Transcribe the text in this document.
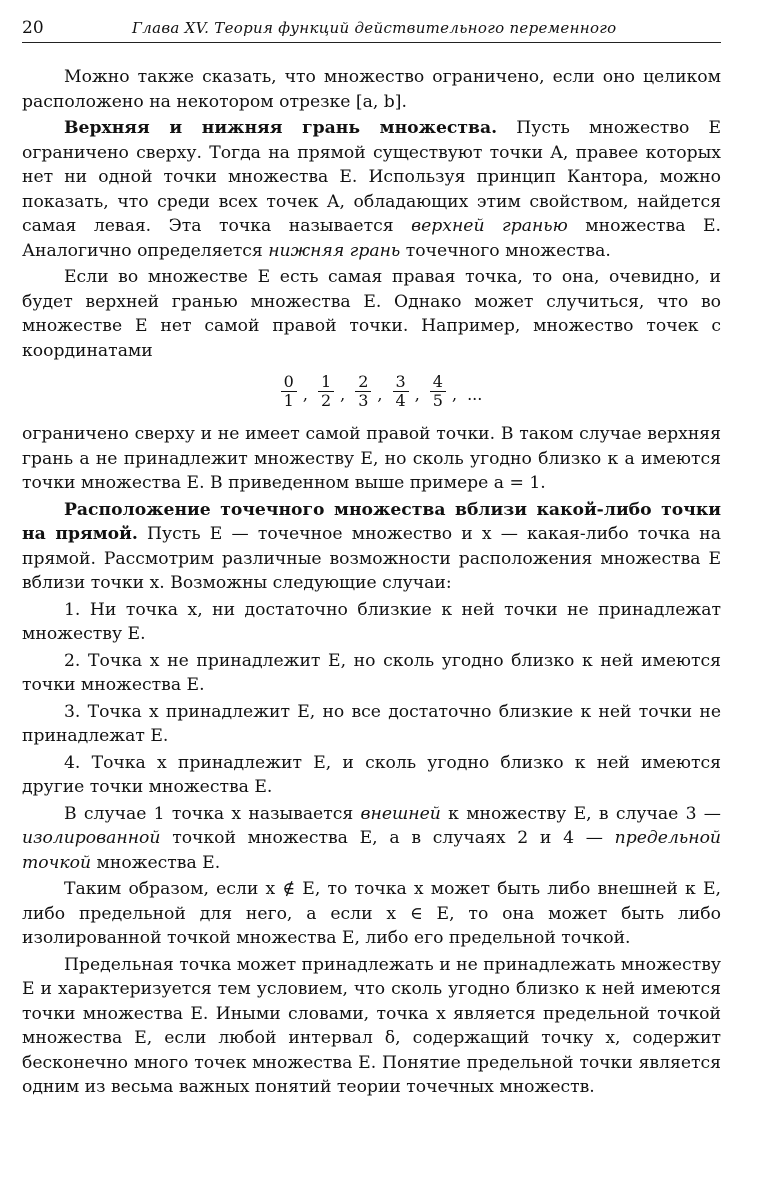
20	Глава XV. Теория функций действительного переменного

Можно также сказать, что множество ограничено, если оно целиком расположено на некотором отрезке [a, b].

Верхняя и нижняя грань множества. Пусть множество E ограничено сверху. Тогда на прямой существуют точки A, правее которых нет ни одной точки множества E. Используя принцип Кантора, можно показать, что среди всех точек A, обладающих этим свойством, найдется самая левая. Эта точка называется верхней гранью множества E. Аналогично определяется нижняя грань точечного множества.

Если во множестве E есть самая правая точка, то она, очевидно, и будет верхней гранью множества E. Однако может случиться, что во множестве E нет самой правой точки. Например, множество точек с координатами

$\frac{0}{1}$ , $\frac{1}{2}$ , $\frac{2}{3}$ , $\frac{3}{4}$ , $\frac{4}{5}$ , ...

ограничено сверху и не имеет самой правой точки. В таком случае верхняя грань a не принадлежит множеству E, но сколь угодно близко к a имеются точки множества E. В приведенном выше примере a = 1.

Расположение точечного множества вблизи какой-либо точки на прямой. Пусть E — точечное множество и x — какая-либо точка на прямой. Рассмотрим различные возможности расположения множества E вблизи точки x. Возможны следующие случаи:

1. Ни точка x, ни достаточно близкие к ней точки не принадлежат множеству E.

2. Точка x не принадлежит E, но сколь угодно близко к ней имеются точки множества E.

3. Точка x принадлежит E, но все достаточно близкие к ней точки не принадлежат E.

4. Точка x принадлежит E, и сколь угодно близко к ней имеются другие точки множества E.

В случае 1 точка x называется внешней к множеству E, в случае 3 — изолированной точкой множества E, а в случаях 2 и 4 — предельной точкой множества E.

Таким образом, если x ∉ E, то точка x может быть либо внешней к E, либо предельной для него, а если x ∈ E, то она может быть либо изолированной точкой множества E, либо его предельной точкой.

Предельная точка может принадлежать и не принадлежать множеству E и характеризуется тем условием, что сколь угодно близко к ней имеются точки множества E. Иными словами, точка x является предельной точкой множества E, если любой интервал δ, содержащий точку x, содержит бесконечно много точек множества E. Понятие предельной точки является одним из весьма важных понятий теории точечных множеств.
